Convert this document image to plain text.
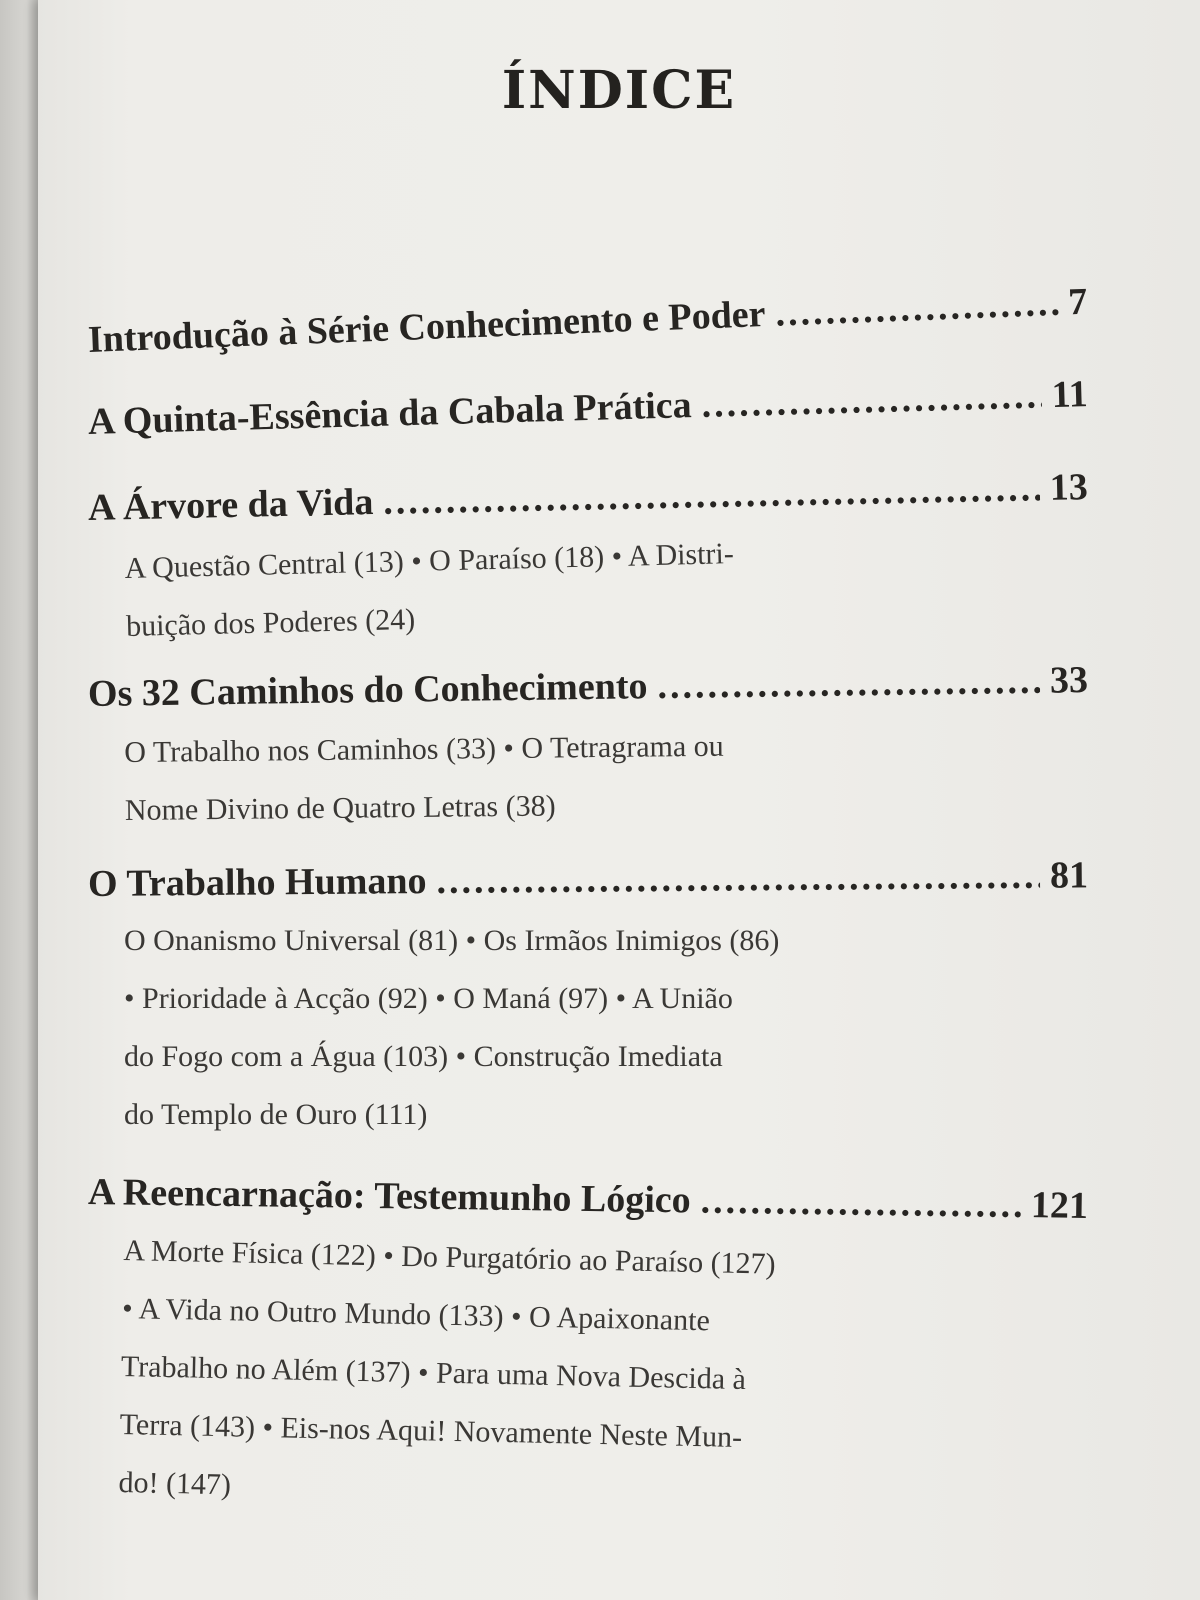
ÍNDICE
Introdução à Série Conhecimento e Poder .....	7
A Quinta-Essência da Cabala Prática .....	11
A Árvore da Vida .....	13
A Questão Central (13) • O Paraíso (18) • A Distri-
buição dos Poderes (24)
Os 32 Caminhos do Conhecimento .....	33
O Trabalho nos Caminhos (33) • O Tetragrama ou
Nome Divino de Quatro Letras (38)
O Trabalho Humano .....	81
O Onanismo Universal (81) • Os Irmãos Inimigos (86)
• Prioridade à Acção (92) • O Maná (97) • A União
do Fogo com a Água (103) • Construção Imediata
do Templo de Ouro (111)
A Reencarnação: Testemunho Lógico .....	121
A Morte Física (122) • Do Purgatório ao Paraíso (127)
• A Vida no Outro Mundo (133) • O Apaixonante
Trabalho no Além (137) • Para uma Nova Descida à
Terra (143) • Eis-nos Aqui! Novamente Neste Mun-
do! (147)
